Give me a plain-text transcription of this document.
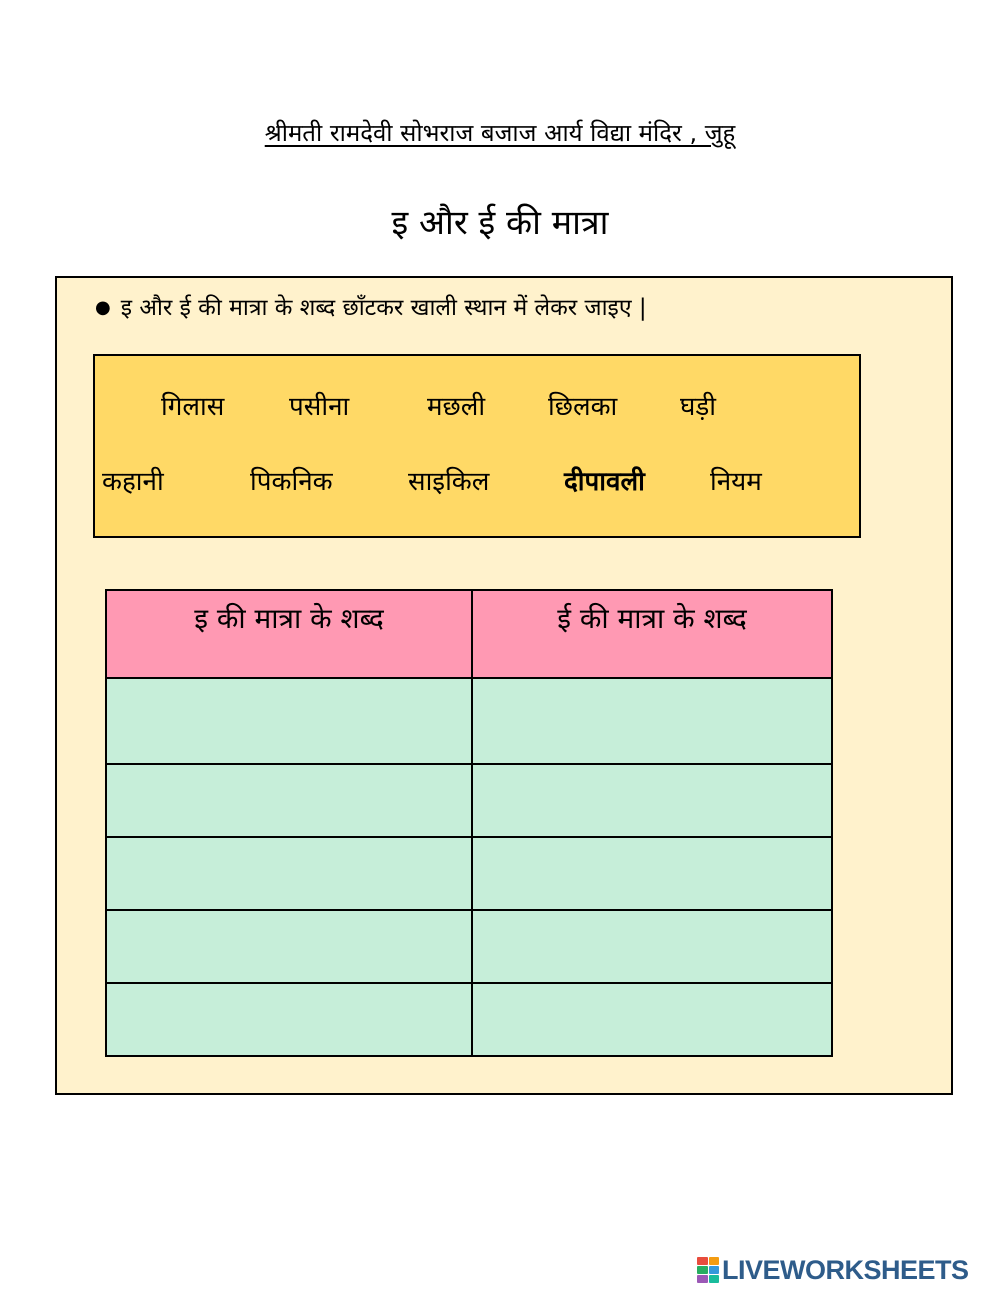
श्रीमती रामदेवी सोभराज बजाज आर्य विद्या मंदिर , जुहू
इ और ई की मात्रा
● इ और ई की मात्रा के शब्द छाँटकर खाली स्थान में लेकर जाइए |
गिलास पसीना	मछली छिलका घड़ी
कहानी	पिकनिक	साइकिल	दीपावली	नियम
इ की मात्रा के शब्द	ई की मात्रा के शब्द

LIVEWORKSHEETS
